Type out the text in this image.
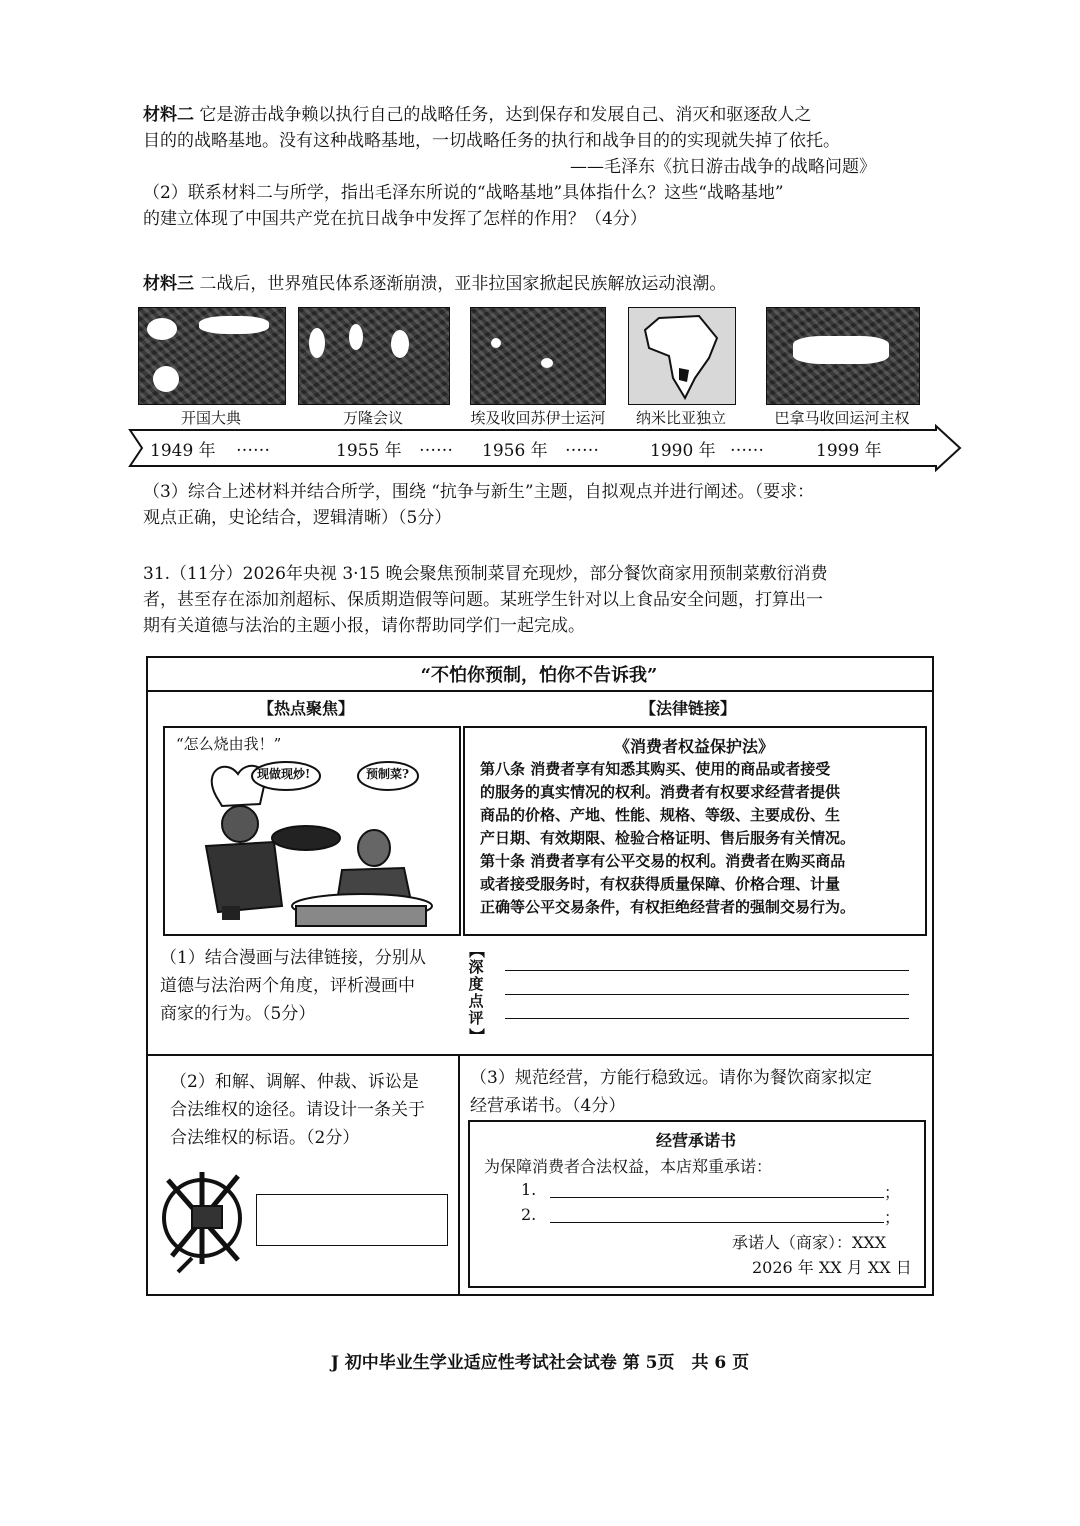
材料二 它是游击战争赖以执行自己的战略任务，达到保存和发展自己、消灭和驱逐敌人之
目的的战略基地。没有这种战略基地，一切战略任务的执行和战争目的的实现就失掉了依托。
——毛泽东《抗日游击战争的战略问题》
（2）联系材料二与所学，指出毛泽东所说的“战略基地”具体指什么？这些“战略基地”
的建立体现了中国共产党在抗日战争中发挥了怎样的作用？（4分）
材料三 二战后，世界殖民体系逐渐崩溃，亚非拉国家掀起民族解放运动浪潮。
开国大典	万隆会议	埃及收回苏伊士运河	纳米比亚独立	巴拿马收回运河主权
1949 年 ……	1955 年 …… 1956 年 ……	1990 年 ……	1999 年
（3）综合上述材料并结合所学，围绕 “抗争与新生”主题，自拟观点并进行阐述。（要求：
观点正确，史论结合，逻辑清晰）（5分）
31.（11分）2026年央视 3·15 晚会聚焦预制菜冒充现炒，部分餐饮商家用预制菜敷衍消费
者，甚至存在添加剂超标、保质期造假等问题。某班学生针对以上食品安全问题，打算出一
期有关道德与法治的主题小报，请你帮助同学们一起完成。
“不怕你预制，怕你不告诉我”
【热点聚焦】	【法律链接】
“怎么烧由我！”
现做现炒!	预制菜?
《消费者权益保护法》
第八条 消费者享有知悉其购买、使用的商品或者接受
的服务的真实情况的权利。消费者有权要求经营者提供
商品的价格、产地、性能、规格、等级、主要成份、生
产日期、有效期限、检验合格证明、售后服务有关情况。
第十条 消费者享有公平交易的权利。消费者在购买商品
或者接受服务时，有权获得质量保障、价格合理、计量
正确等公平交易条件，有权拒绝经营者的强制交易行为。
（1）结合漫画与法律链接，分别从
道德与法治两个角度，评析漫画中
商家的行为。（5分）
【
深
度
点
评
】
（2）和解、调解、仲裁、诉讼是
合法维权的途径。请设计一条关于
合法维权的标语。（2分）
（3）规范经营，方能行稳致远。请你为餐饮商家拟定
经营承诺书。（4分）
经营承诺书
为保障消费者合法权益，本店郑重承诺：
1.	；
2.	；
承诺人（商家）：XXX
2026 年 XX 月 XX 日
J 初中毕业生学业适应性考试社会试卷 第 5页　共 6 页
